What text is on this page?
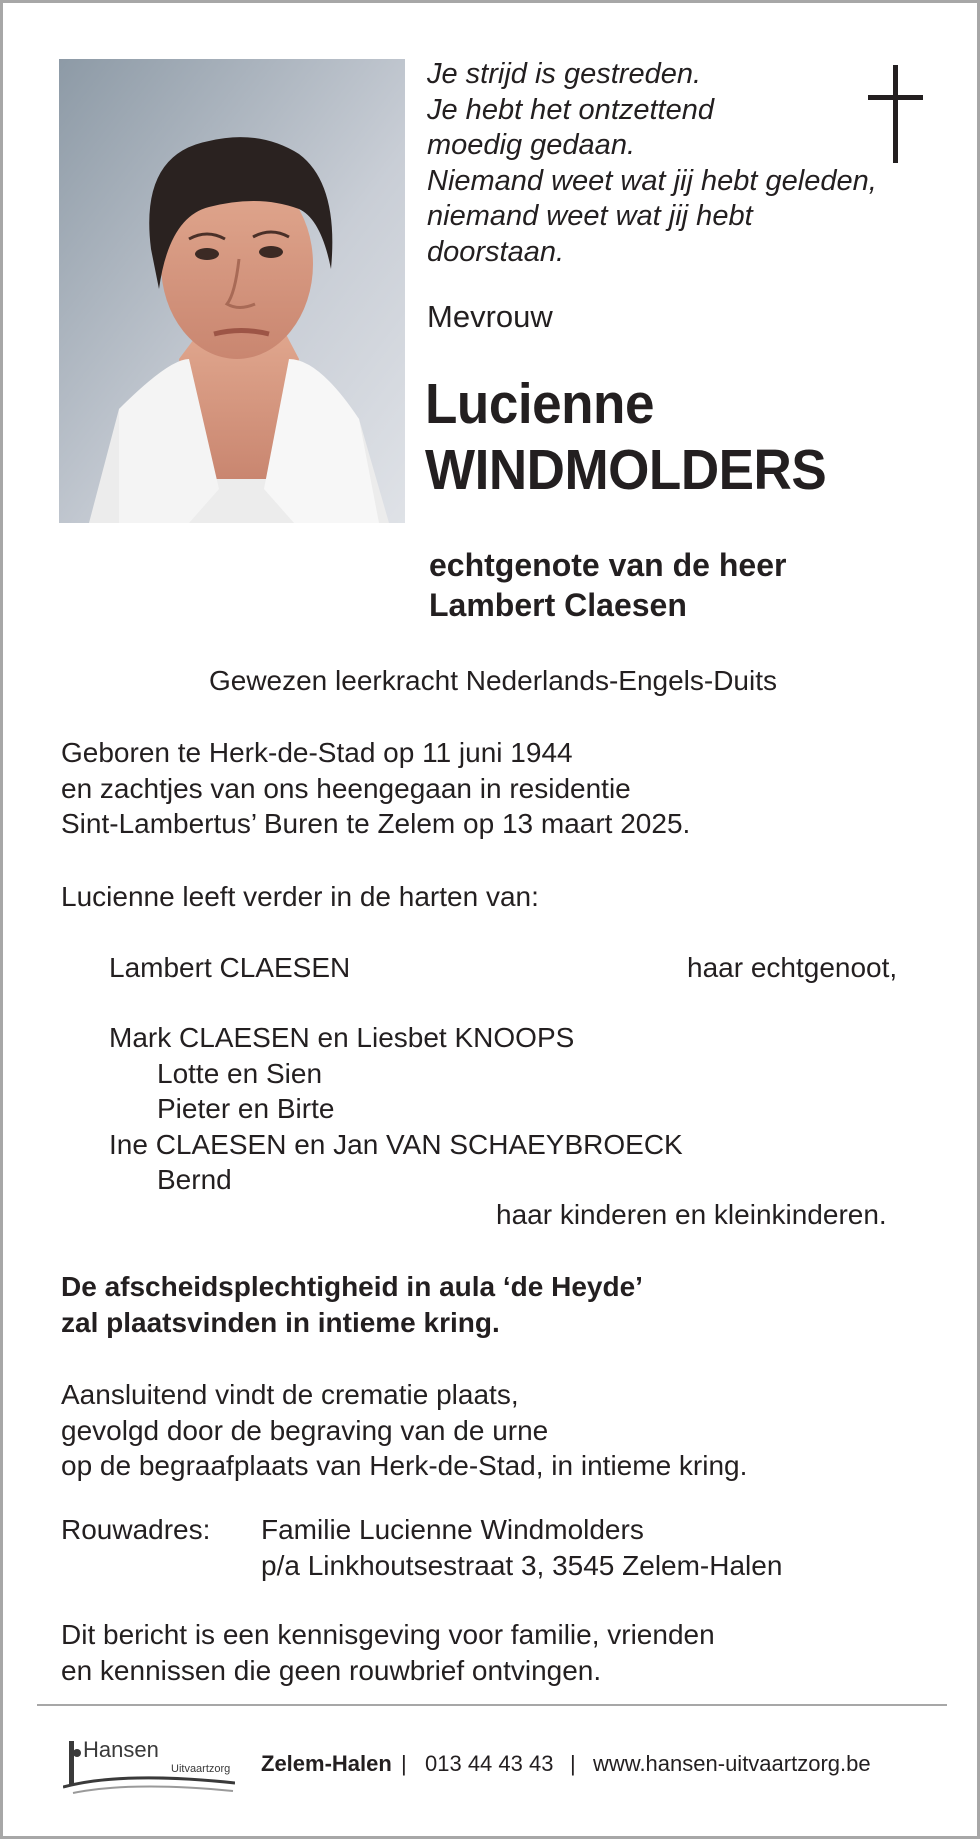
Je strijd is gestreden.
Je hebt het ontzettend
moedig gedaan.
Niemand weet wat jij hebt geleden,
niemand weet wat jij hebt
doorstaan.
Mevrouw
Lucienne
WINDMOLDERS
echtgenote van de heer
Lambert Claesen
Gewezen leerkracht Nederlands-Engels-Duits
Geboren te Herk-de-Stad op 11 juni 1944
en zachtjes van ons heengegaan in residentie
Sint-Lambertus’ Buren te Zelem op 13 maart 2025.
Lucienne leeft verder in de harten van:
Lambert CLAESEN	haar echtgenoot,
Mark CLAESEN en Liesbet KNOOPS
Lotte en Sien
Pieter en Birte
Ine CLAESEN en Jan VAN SCHAEYBROECK
Bernd
haar kinderen en kleinkinderen.
De afscheidsplechtigheid in aula ‘de Heyde’
zal plaatsvinden in intieme kring.
Aansluitend vindt de crematie plaats,
gevolgd door de begraving van de urne
op de begraafplaats van Herk-de-Stad, in intieme kring.
Rouwadres: Familie Lucienne Windmolders
p/a Linkhoutsestraat 3, 3545 Zelem-Halen
Dit bericht is een kennisgeving voor familie, vrienden
en kennissen die geen rouwbrief ontvingen.
Hansen
Uitvaartzorg Zelem-Halen | 013 44 43 43 | www.hansen-uitvaartzorg.be
